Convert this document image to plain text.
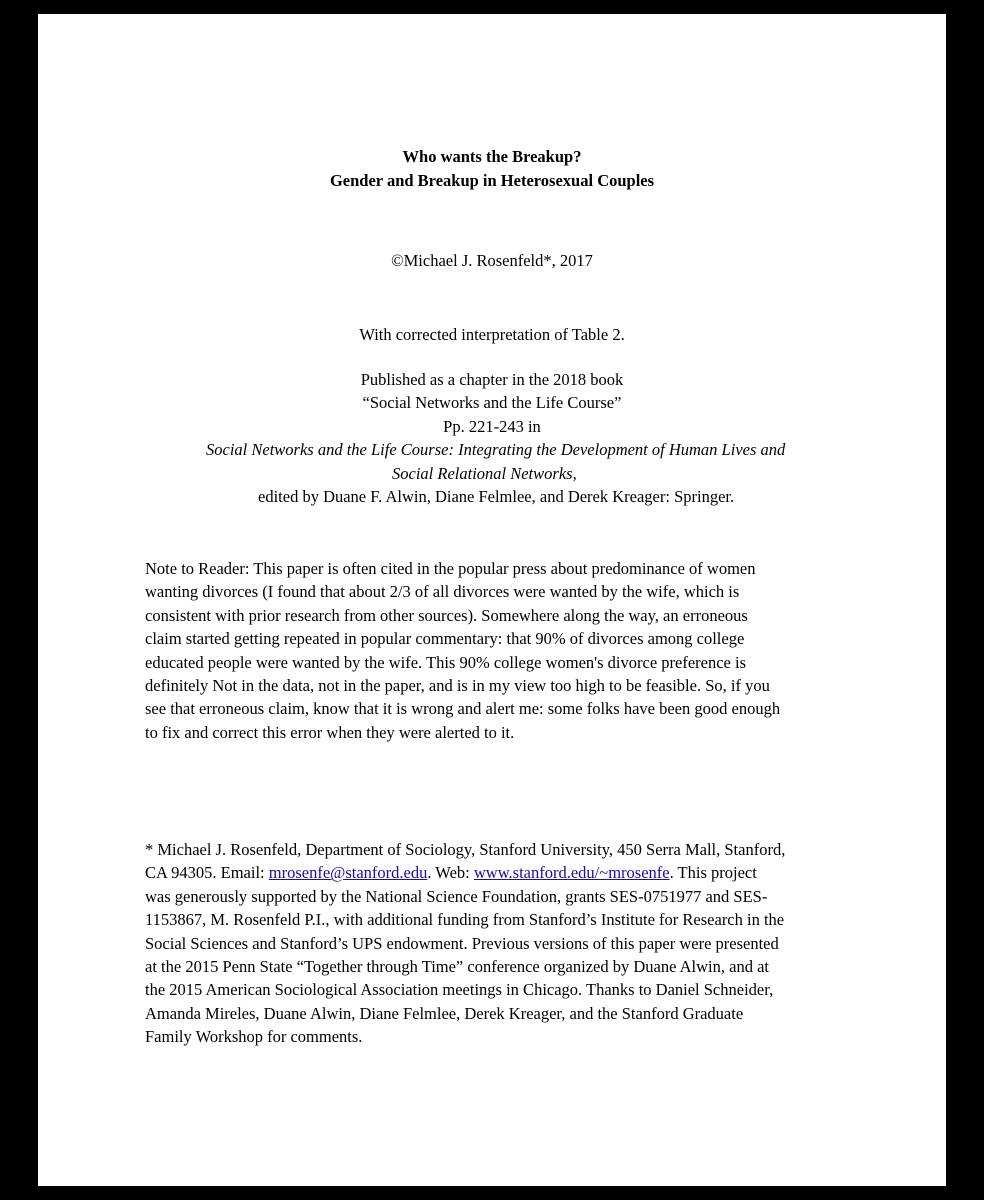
Who wants the Breakup?
Gender and Breakup in Heterosexual Couples
©Michael J. Rosenfeld*, 2017
With corrected interpretation of Table 2.
Published as a chapter in the 2018 book
“Social Networks and the Life Course”
Pp. 221-243 in
Social Networks and the Life Course: Integrating the Development of Human Lives and
Social Relational Networks,
edited by Duane F. Alwin, Diane Felmlee, and Derek Kreager: Springer.
Note to Reader: This paper is often cited in the popular press about predominance of women
wanting divorces (I found that about 2/3 of all divorces were wanted by the wife, which is
consistent with prior research from other sources). Somewhere along the way, an erroneous
claim started getting repeated in popular commentary: that 90% of divorces among college
educated people were wanted by the wife. This 90% college women's divorce preference is
definitely Not in the data, not in the paper, and is in my view too high to be feasible. So, if you
see that erroneous claim, know that it is wrong and alert me: some folks have been good enough
to fix and correct this error when they were alerted to it.
* Michael J. Rosenfeld, Department of Sociology, Stanford University, 450 Serra Mall, Stanford,
CA 94305. Email: mrosenfe@stanford.edu. Web: www.stanford.edu/~mrosenfe. This project
was generously supported by the National Science Foundation, grants SES-0751977 and SES-
1153867, M. Rosenfeld P.I., with additional funding from Stanford’s Institute for Research in the
Social Sciences and Stanford’s UPS endowment. Previous versions of this paper were presented
at the 2015 Penn State “Together through Time” conference organized by Duane Alwin, and at
the 2015 American Sociological Association meetings in Chicago. Thanks to Daniel Schneider,
Amanda Mireles, Duane Alwin, Diane Felmlee, Derek Kreager, and the Stanford Graduate
Family Workshop for comments.
